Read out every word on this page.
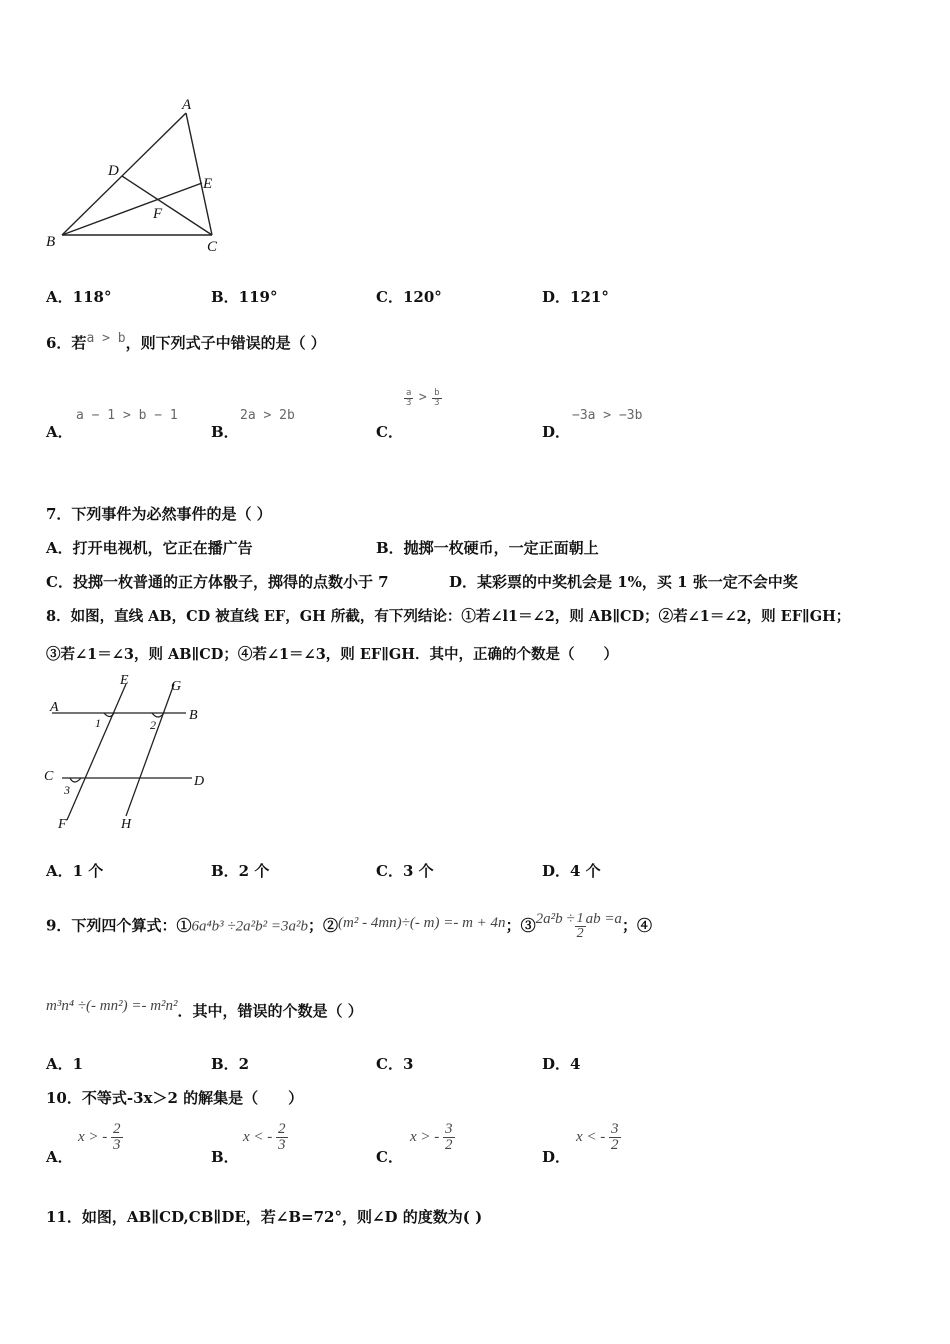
A
B	C
D
E
F
A．118°	B．119°	C．120°	D．121°
6．若a > b，则下列式子中错误的是（ ）
A．
a − 1 > b − 1
B．
2a > 2b
C．
$\frac{a}{3} > \frac{b}{3}$
D．
−3a > −3b
7．下列事件为必然事件的是（ ）
A．打开电视机，它正在播广告	B．抛掷一枚硬币，一定正面朝上
C．投掷一枚普通的正方体骰子，掷得的点数小于 7	D．某彩票的中奖机会是 1%，买 1 张一定不会中奖
8．如图，直线 AB，CD 被直线 EF，GH 所截，有下列结论：①若∠l1＝∠2，则 AB∥CD；②若∠1＝∠2，则 EF∥GH；
③若∠1＝∠3，则 AB∥CD；④若∠1＝∠3，则 EF∥GH．其中，正确的个数是（　　）
A
B
C	D
E
F
G
H
1	2
3
A．1 个	B．2 个	C．3 个	D．4 个
9．下列四个算式：①6a⁴b³ ÷2a²b² =3a²b；②(m² - 4mn)÷(- m) =- m + 4n；③2a²b ÷ $\frac{1}{2}$ ab =a；④
m³n⁴ ÷(- mn²) =- m²n²．其中，错误的个数是（ ）
A．1	B．2	C．3	D．4
10．不等式-3x＞2 的解集是（　　）
A．
x > - $\frac{2}{3}$
B．
x < - $\frac{2}{3}$
C．
x > - $\frac{3}{2}$
D．
x < - $\frac{3}{2}$
11．如图，AB∥CD,CB∥DE，若∠B=72°，则∠D 的度数为( )
